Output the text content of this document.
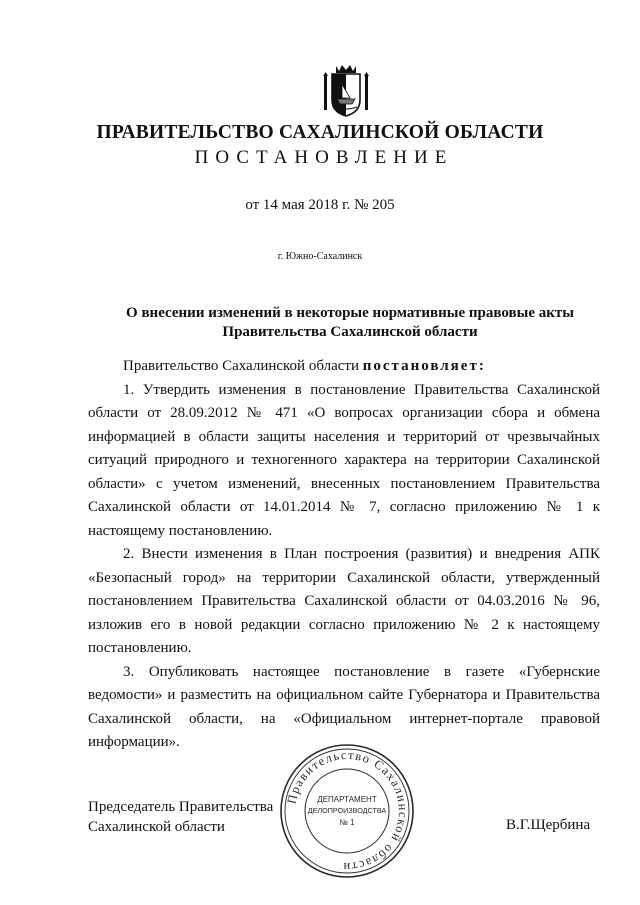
ПРАВИТЕЛЬСТВО САХАЛИНСКОЙ ОБЛАСТИ
ПОСТАНОВЛЕНИЕ
от 14 мая 2018 г. № 205
г. Южно-Сахалинск
О внесении изменений в некоторые нормативные правовые акты
Правительства Сахалинской области

Правительство Сахалинской области постановляет:

1. Утвердить изменения в постановление Правительства Сахалинской области от 28.09.2012 № 471 «О вопросах организации сбора и обмена информацией в области защиты населения и территорий от чрезвычайных ситуаций природного и техногенного характера на территории Сахалинской области» с учетом изменений, внесенных постановлением Правительства Сахалинской области от 14.01.2014 № 7, согласно приложению № 1 к настоящему постановлению.

2. Внести изменения в План построения (развития) и внедрения АПК «Безопасный город» на территории Сахалинской области, утвержденный постановлением Правительства Сахалинской области от 04.03.2016 № 96, изложив его в новой редакции согласно приложению № 2 к настоящему постановлению.

3. Опубликовать настоящее постановление в газете «Губернские ведомости» и разместить на официальном сайте Губернатора и Правительства Сахалинской области, на «Официальном интернет-портале правовой информации».

Председатель Правительства
Сахалинской области	В.Г.Щербина
Правительство Сахалинской области
ДЕПАРТАМЕНТ
ДЕЛОПРОИЗВОДСТВА
№ 1
